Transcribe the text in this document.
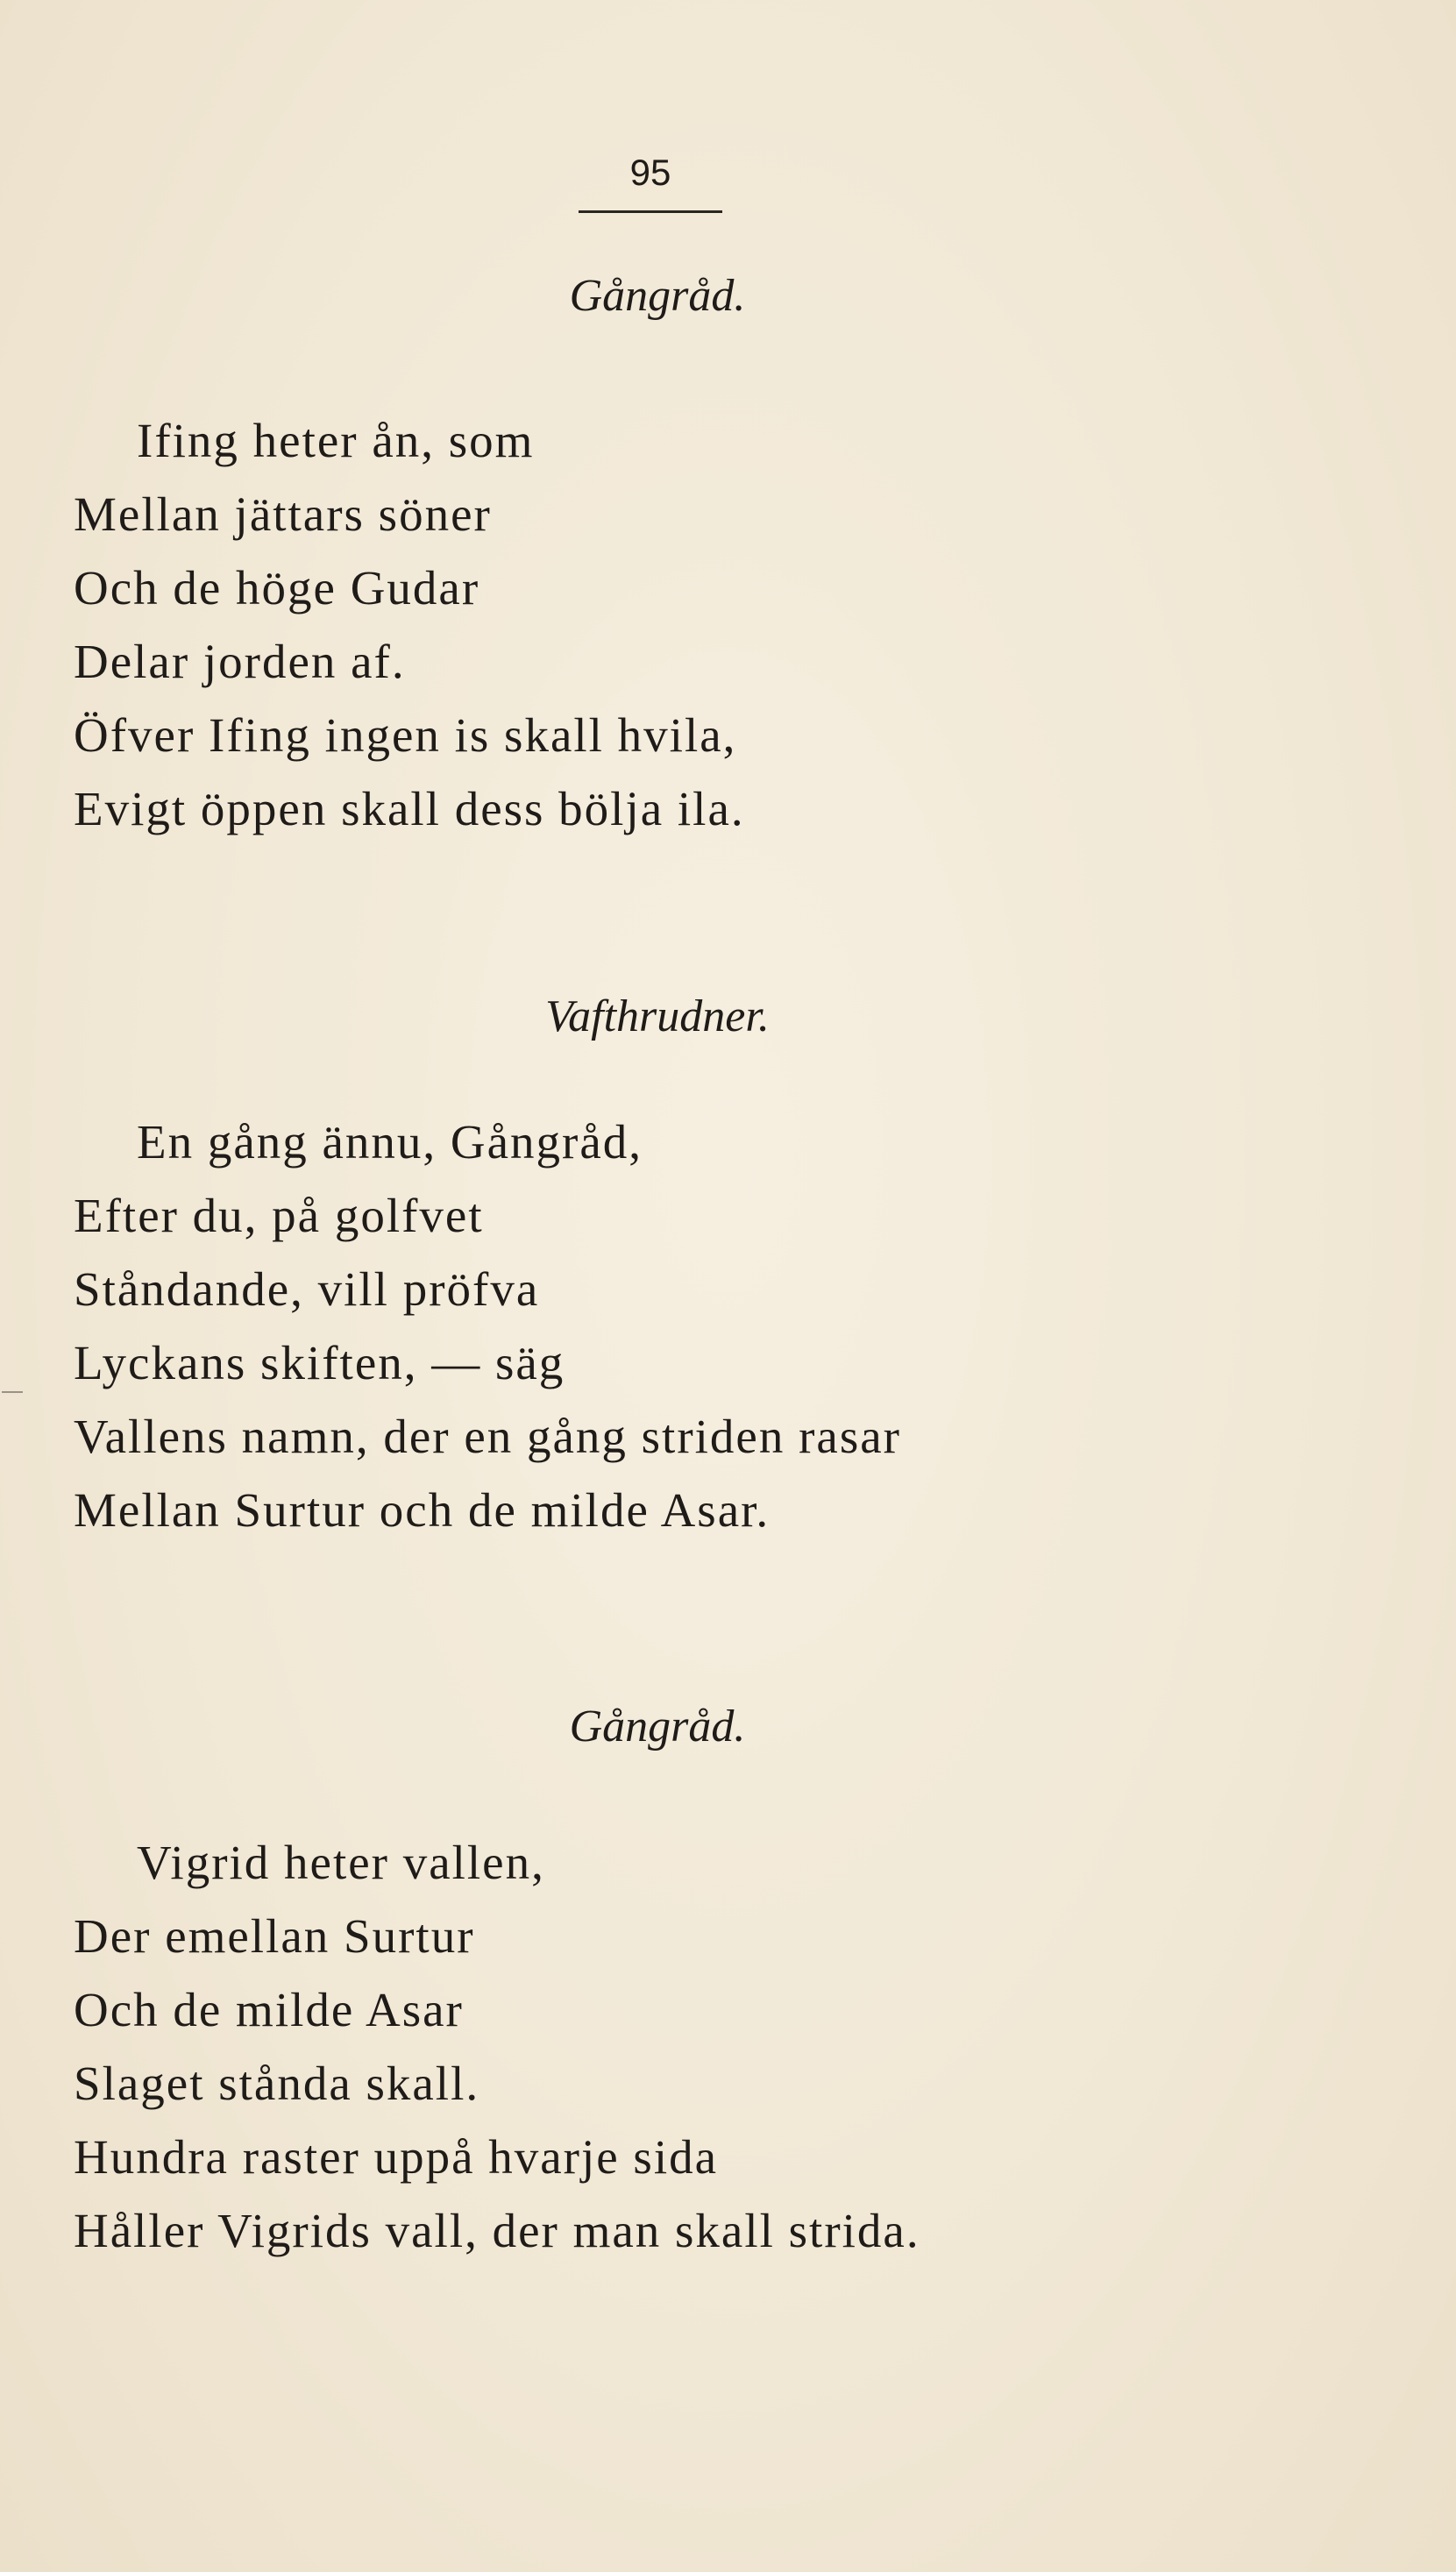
95
Gångråd.
Ifing heter ån, som
Mellan jättars söner
Och de höge Gudar
Delar jorden af.
Öfver Ifing ingen is skall hvila,
Evigt öppen skall dess bölja ila.
Vafthrudner.
En gång ännu, Gångråd,
Efter du, på golfvet
Ståndande, vill pröfva
Lyckans skiften, — säg
Vallens namn, der en gång striden rasar
Mellan Surtur och de milde Asar.
Gångråd.
Vigrid heter vallen,
Der emellan Surtur
Och de milde Asar
Slaget stånda skall.
Hundra raster uppå hvarje sida
Håller Vigrids vall, der man skall strida.
